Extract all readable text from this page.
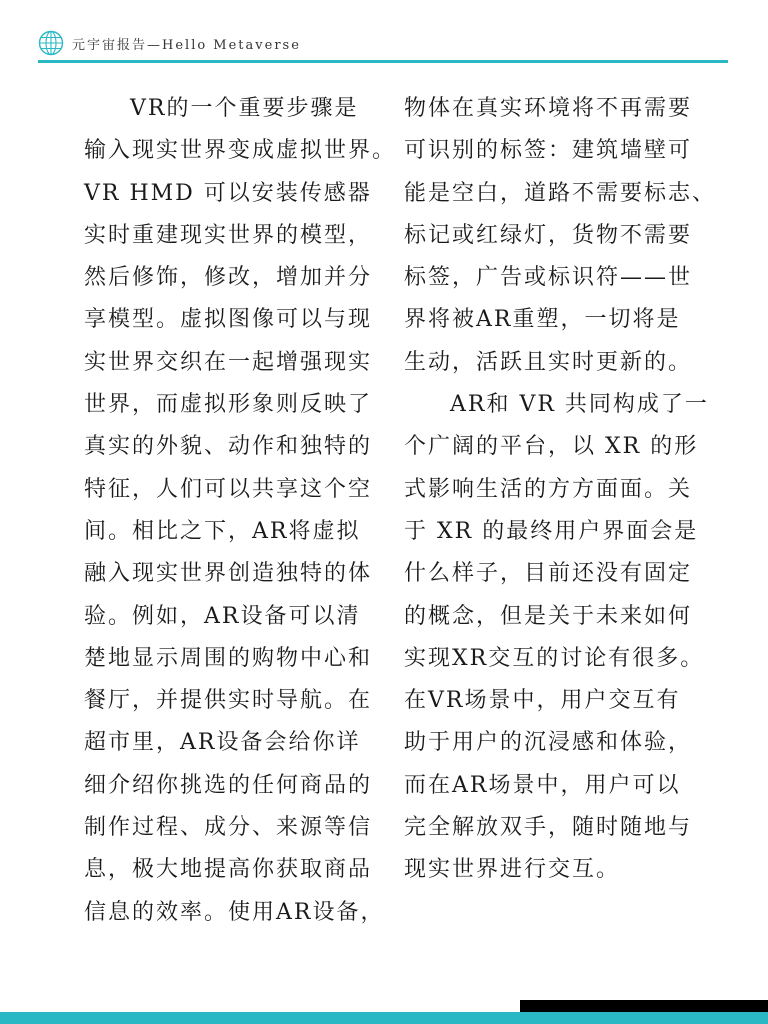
元宇宙报告—Hello Metaverse
VR的一个重要步骤是
输入现实世界变成虚拟世界。
VR HMD 可以安装传感器
实时重建现实世界的模型，
然后修饰，修改，增加并分
享模型。虚拟图像可以与现
实世界交织在一起增强现实
世界，而虚拟形象则反映了
真实的外貌、动作和独特的
特征，人们可以共享这个空
间。相比之下，AR将虚拟
融入现实世界创造独特的体
验。例如，AR设备可以清
楚地显示周围的购物中心和
餐厅，并提供实时导航。在
超市里，AR设备会给你详
细介绍你挑选的任何商品的
制作过程、成分、来源等信
息，极大地提高你获取商品
信息的效率。使用AR设备，
物体在真实环境将不再需要
可识别的标签：建筑墙壁可
能是空白，道路不需要标志、
标记或红绿灯，货物不需要
标签，广告或标识符——世
界将被AR重塑，一切将是
生动，活跃且实时更新的。
AR和 VR 共同构成了一
个广阔的平台，以 XR 的形
式影响生活的方方面面。关
于 XR 的最终用户界面会是
什么样子，目前还没有固定
的概念，但是关于未来如何
实现XR交互的讨论有很多。
在VR场景中，用户交互有
助于用户的沉浸感和体验，
而在AR场景中，用户可以
完全解放双手，随时随地与
现实世界进行交互。
